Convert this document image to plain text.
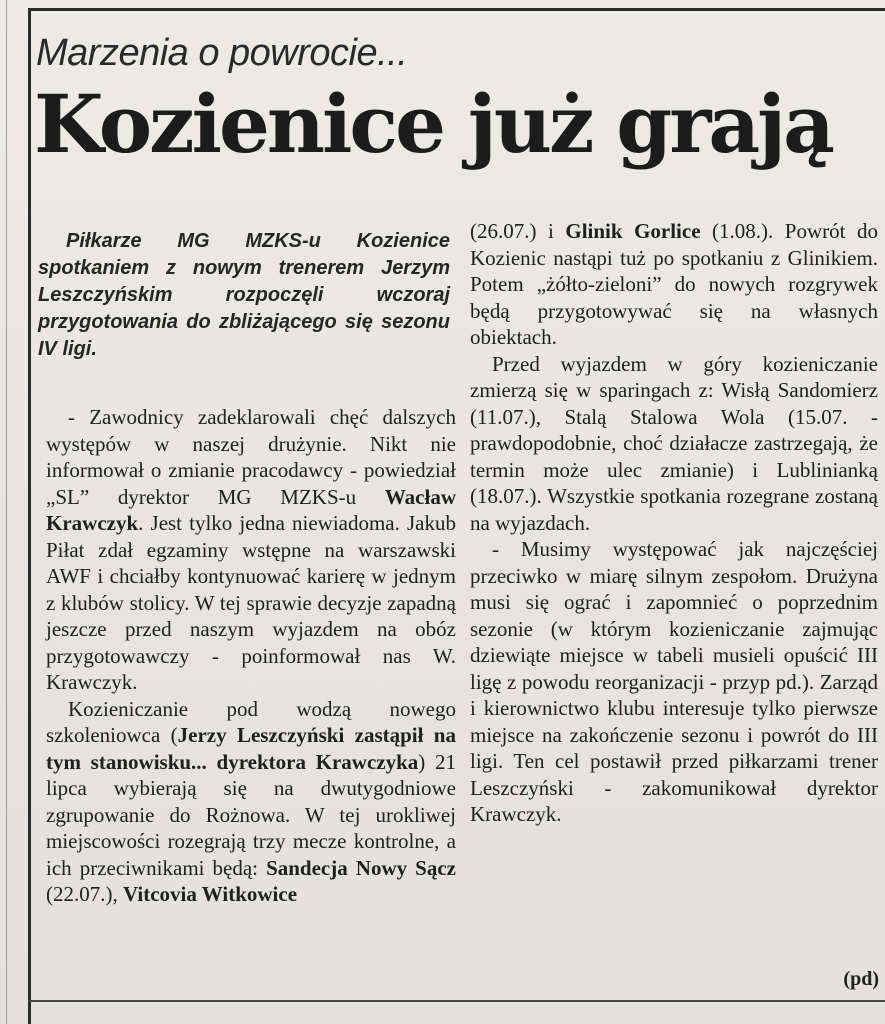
Marzenia o powrocie...
Kozienice już grają
Piłkarze MG MZKS-u Kozienice spotkaniem z nowym trenerem Jerzym Leszczyńskim rozpoczęli wczoraj przygotowania do zbliżającego się sezonu IV ligi.

- Zawodnicy zadeklarowali chęć dalszych występów w naszej drużynie. Nikt nie informował o zmianie pracodawcy - powiedział „SL” dyrektor MG MZKS-u Wacław Krawczyk. Jest tylko jedna niewiadoma. Jakub Piłat zdał egzaminy wstępne na warszawski AWF i chciałby kontynuować karierę w jednym z klubów stolicy. W tej sprawie decyzje zapadną jeszcze przed naszym wyjazdem na obóz przygotowawczy - poinformował nas W. Krawczyk.

Kozieniczanie pod wodzą nowego szkoleniowca (Jerzy Leszczyński zastąpił na tym stanowisku... dyrektora Krawczyka) 21 lipca wybierają się na dwutygodniowe zgrupowanie do Rożnowa. W tej urokliwej miejscowości rozegrają trzy mecze kontrolne, a ich przeciwnikami będą: Sandecja Nowy Sącz (22.07.), Vitcovia Witkowice

(26.07.) i Glinik Gorlice (1.08.). Powrót do Kozienic nastąpi tuż po spotkaniu z Glinikiem. Potem „żółto-zieloni” do nowych rozgrywek będą przygotowywać się na własnych obiektach.

Przed wyjazdem w góry kozieniczanie zmierzą się w sparingach z: Wisłą Sandomierz (11.07.), Stalą Stalowa Wola (15.07. - prawdopodobnie, choć działacze zastrzegają, że termin może ulec zmianie) i Lublinianką (18.07.). Wszystkie spotkania rozegrane zostaną na wyjazdach.

- Musimy występować jak najczęściej przeciwko w miarę silnym zespołom. Drużyna musi się ograć i zapomnieć o poprzednim sezonie (w którym kozieniczanie zajmując dziewiąte miejsce w tabeli musieli opuścić III ligę z powodu reorganizacji - przyp pd.). Zarząd i kierownictwo klubu interesuje tylko pierwsze miejsce na zakończenie sezonu i powrót do III ligi. Ten cel postawił przed piłkarzami trener Leszczyński - zakomunikował dyrektor Krawczyk.

(pd)
